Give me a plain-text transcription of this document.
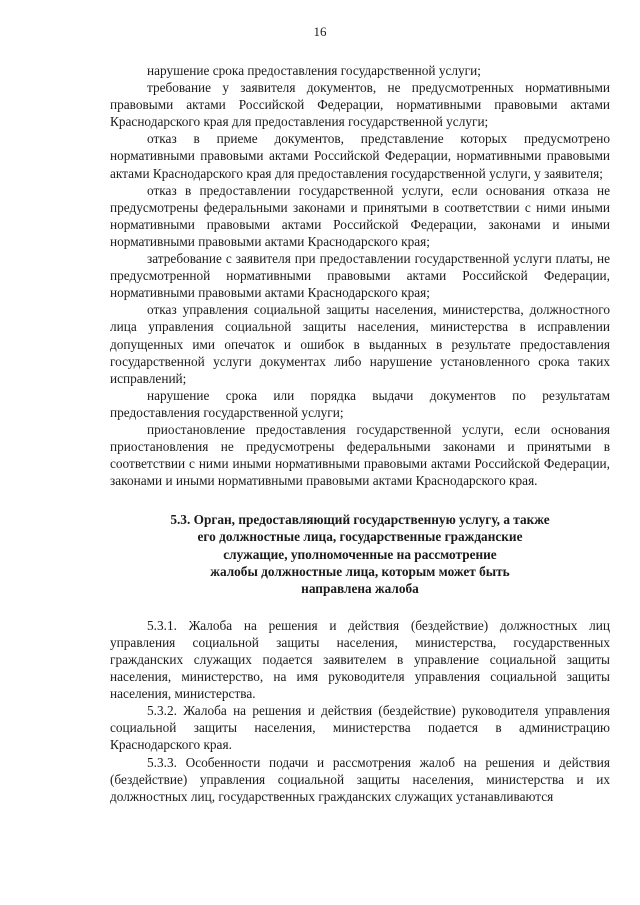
16

нарушение срока предоставления государственной услуги;

требование у заявителя документов, не предусмотренных нормативными правовыми актами Российской Федерации, нормативными правовыми актами Краснодарского края для предоставления государственной услуги;

отказ в приеме документов, представление которых предусмотрено нормативными правовыми актами Российской Федерации, нормативными правовыми актами Краснодарского края для предоставления государственной услуги, у заявителя;

отказ в предоставлении государственной услуги, если основания отказа не предусмотрены федеральными законами и принятыми в соответствии с ними иными нормативными правовыми актами Российской Федерации, законами и иными нормативными правовыми актами Краснодарского края;

затребование с заявителя при предоставлении государственной услуги платы, не предусмотренной нормативными правовыми актами Российской Федерации, нормативными правовыми актами Краснодарского края;

отказ управления социальной защиты населения, министерства, должностного лица управления социальной защиты населения, министерства в исправлении допущенных ими опечаток и ошибок в выданных в результате предоставления государственной услуги документах либо нарушение установленного срока таких исправлений;

нарушение срока или порядка выдачи документов по результатам предоставления государственной услуги;

приостановление предоставления государственной услуги, если основания приостановления не предусмотрены федеральными законами и принятыми в соответствии с ними иными нормативными правовыми актами Российской Федерации, законами и иными нормативными правовыми актами Краснодарского края.

5.3. Орган, предоставляющий государственную услугу, а также
его должностные лица, государственные гражданские
служащие, уполномоченные на рассмотрение
жалобы должностные лица, которым может быть
направлена жалоба

5.3.1. Жалоба на решения и действия (бездействие) должностных лиц управления социальной защиты населения, министерства, государственных гражданских служащих подается заявителем в управление социальной защиты населения, министерство, на имя руководителя управления социальной защиты населения, министерства.

5.3.2. Жалоба на решения и действия (бездействие) руководителя управления социальной защиты населения, министерства подается в администрацию Краснодарского края.

5.3.3. Особенности подачи и рассмотрения жалоб на решения и действия (бездействие) управления социальной защиты населения, министерства и их должностных лиц, государственных гражданских служащих устанавливаются
